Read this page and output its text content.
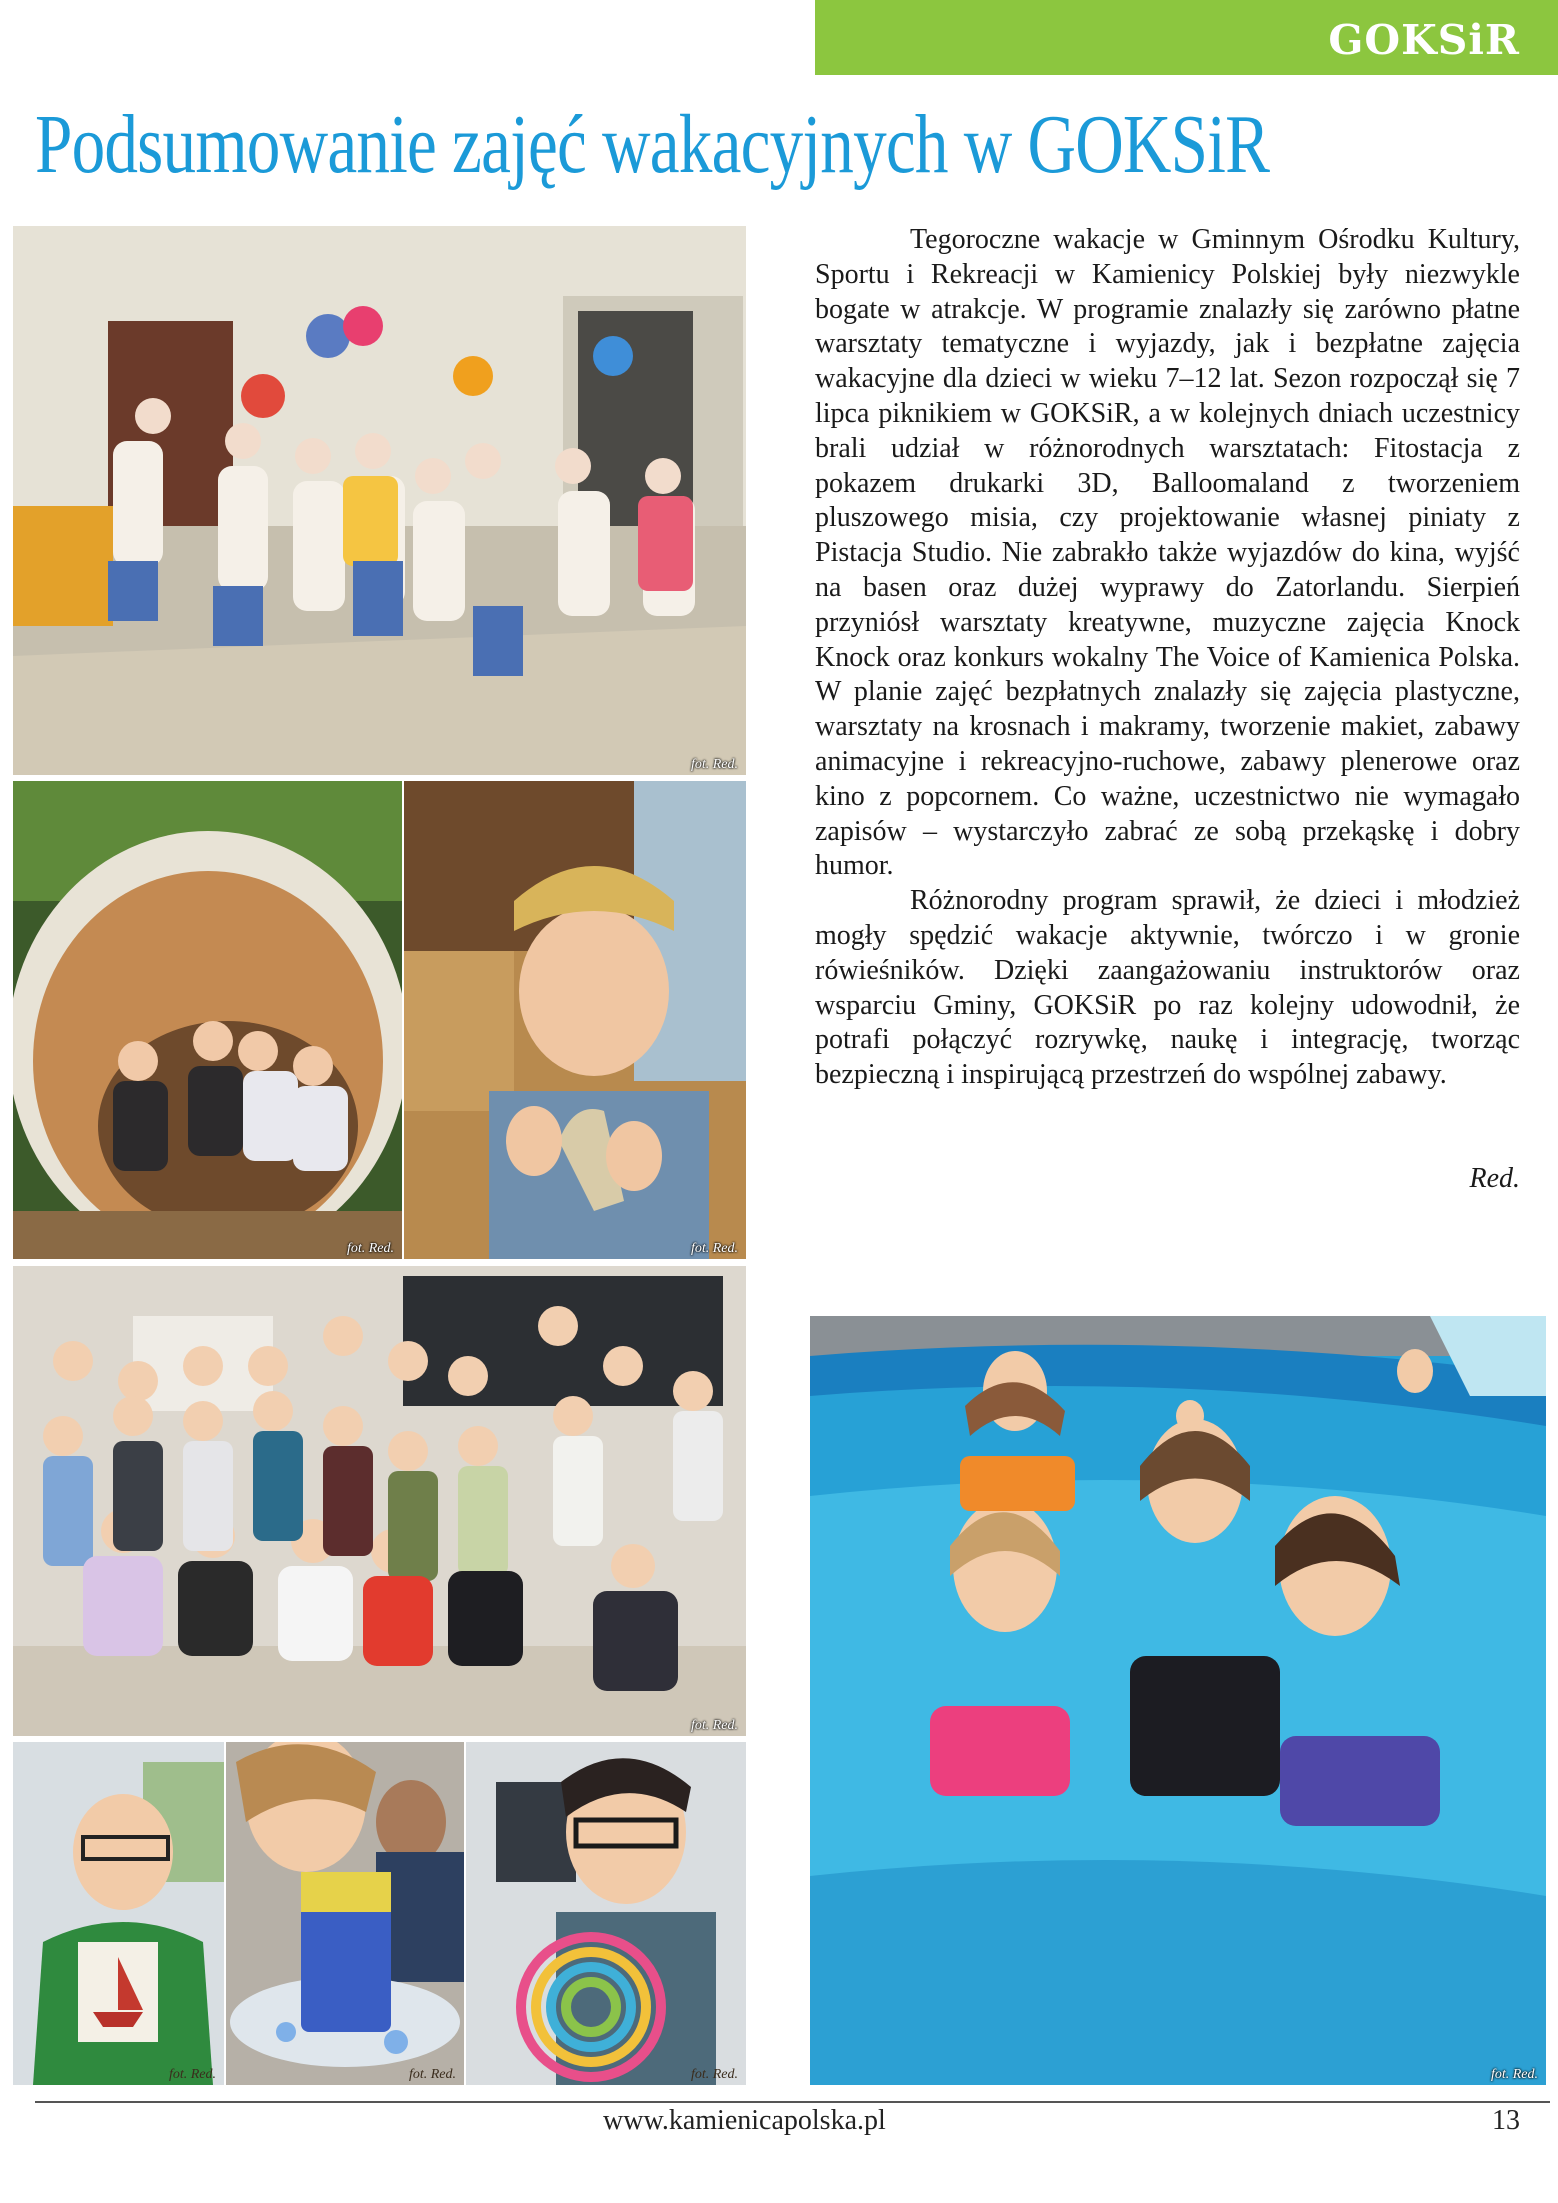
GOKSiR
Podsumowanie zajęć wakacyjnych w GOKSiR
fot. Red.
fot. Red.	fot. Red.
fot. Red.
fot. Red.	fot. Red.	fot. Red.	fot. Red.

Tegoroczne wakacje w Gminnym Ośrodku Kultury, Sportu i Rekreacji w Kamienicy Polskiej były niezwykle bogate w atrakcje. W programie znalazły się zarówno płatne warsztaty tematyczne i wyjazdy, jak i bezpłatne zajęcia wakacyjne dla dzieci w wieku 7–12 lat. Sezon rozpoczął się 7 lipca piknikiem w GOKSiR, a w kolejnych dniach uczestnicy brali udział w różnorodnych warsztatach: Fitostacja z pokazem drukarki 3D, Balloomaland z tworzeniem pluszowego misia, czy projektowanie własnej piniaty z Pistacja Studio. Nie zabrakło także wyjazdów do kina, wyjść na basen oraz dużej wyprawy do Zatorlandu. Sierpień przyniósł warsztaty kreatywne, muzyczne zajęcia Knock Knock oraz konkurs wokalny The Voice of Kamienica Polska. W planie zajęć bezpłatnych znalazły się zajęcia plastyczne, warsztaty na krosnach i makramy, tworzenie makiet, zabawy animacyjne i rekreacyjno-ruchowe, zabawy plenerowe oraz kino z popcornem. Co ważne, uczestnictwo nie wymagało zapisów – wystarczyło zabrać ze sobą przekąskę i dobry humor.

Różnorodny program sprawił, że dzieci i młodzież mogły spędzić wakacje aktywnie, twórczo i w gronie rówieśników. Dzięki zaangażowaniu instruktorów oraz wsparciu Gminy, GOKSiR po raz kolejny udowodnił, że potrafi połączyć rozrywkę, naukę i integrację, tworząc bezpieczną i inspirującą przestrzeń do wspólnej zabawy.

Red.
www.kamienicapolska.pl	13
